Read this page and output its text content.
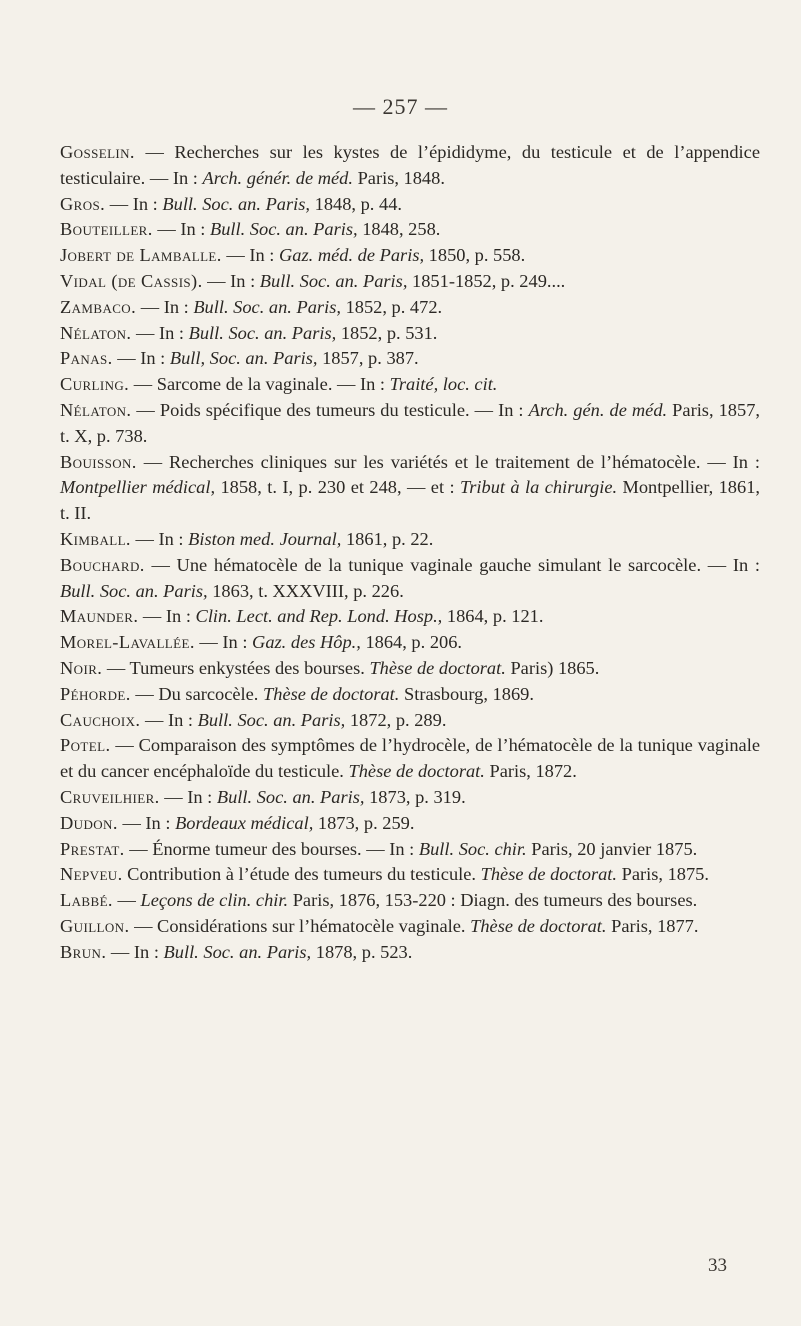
— 257 —

Gosselin. — Recherches sur les kystes de l’épididyme, du testicule et de l’appendice testiculaire. — In : Arch. génér. de méd. Paris, 1848.

Gros. — In : Bull. Soc. an. Paris, 1848, p. 44.

Bouteiller. — In : Bull. Soc. an. Paris, 1848, 258.

Jobert de Lamballe. — In : Gaz. méd. de Paris, 1850, p. 558.

Vidal (de Cassis). — In : Bull. Soc. an. Paris, 1851-1852, p. 249....

Zambaco. — In : Bull. Soc. an. Paris, 1852, p. 472.

Nélaton. — In : Bull. Soc. an. Paris, 1852, p. 531.

Panas. — In : Bull, Soc. an. Paris, 1857, p. 387.

Curling. — Sarcome de la vaginale. — In : Traité, loc. cit.

Nélaton. — Poids spécifique des tumeurs du testicule. — In : Arch. gén. de méd. Paris, 1857, t. X, p. 738.

Bouisson. — Recherches cliniques sur les variétés et le traitement de l’hématocèle. — In : Montpellier médical, 1858, t. I, p. 230 et 248, — et : Tribut à la chirurgie. Montpellier, 1861, t. II.

Kimball. — In : Biston med. Journal, 1861, p. 22.

Bouchard. — Une hématocèle de la tunique vaginale gauche simulant le sarcocèle. — In : Bull. Soc. an. Paris, 1863, t. XXXVIII, p. 226.

Maunder. — In : Clin. Lect. and Rep. Lond. Hosp., 1864, p. 121.

Morel-Lavallée. — In : Gaz. des Hôp., 1864, p. 206.

Noir. — Tumeurs enkystées des bourses. Thèse de doctorat. Paris) 1865.

Péhorde. — Du sarcocèle. Thèse de doctorat. Strasbourg, 1869.

Cauchoix. — In : Bull. Soc. an. Paris, 1872, p. 289.

Potel. — Comparaison des symptômes de l’hydrocèle, de l’hématocèle de la tunique vaginale et du cancer encéphaloïde du testicule. Thèse de doctorat. Paris, 1872.

Cruveilhier. — In : Bull. Soc. an. Paris, 1873, p. 319.

Dudon. — In : Bordeaux médical, 1873, p. 259.

Prestat. — Énorme tumeur des bourses. — In : Bull. Soc. chir. Paris, 20 janvier 1875.

Nepveu. Contribution à l’étude des tumeurs du testicule. Thèse de doctorat. Paris, 1875.

Labbé. — Leçons de clin. chir. Paris, 1876, 153-220 : Diagn. des tumeurs des bourses.

Guillon. — Considérations sur l’hématocèle vaginale. Thèse de doctorat. Paris, 1877.

Brun. — In : Bull. Soc. an. Paris, 1878, p. 523.

33
